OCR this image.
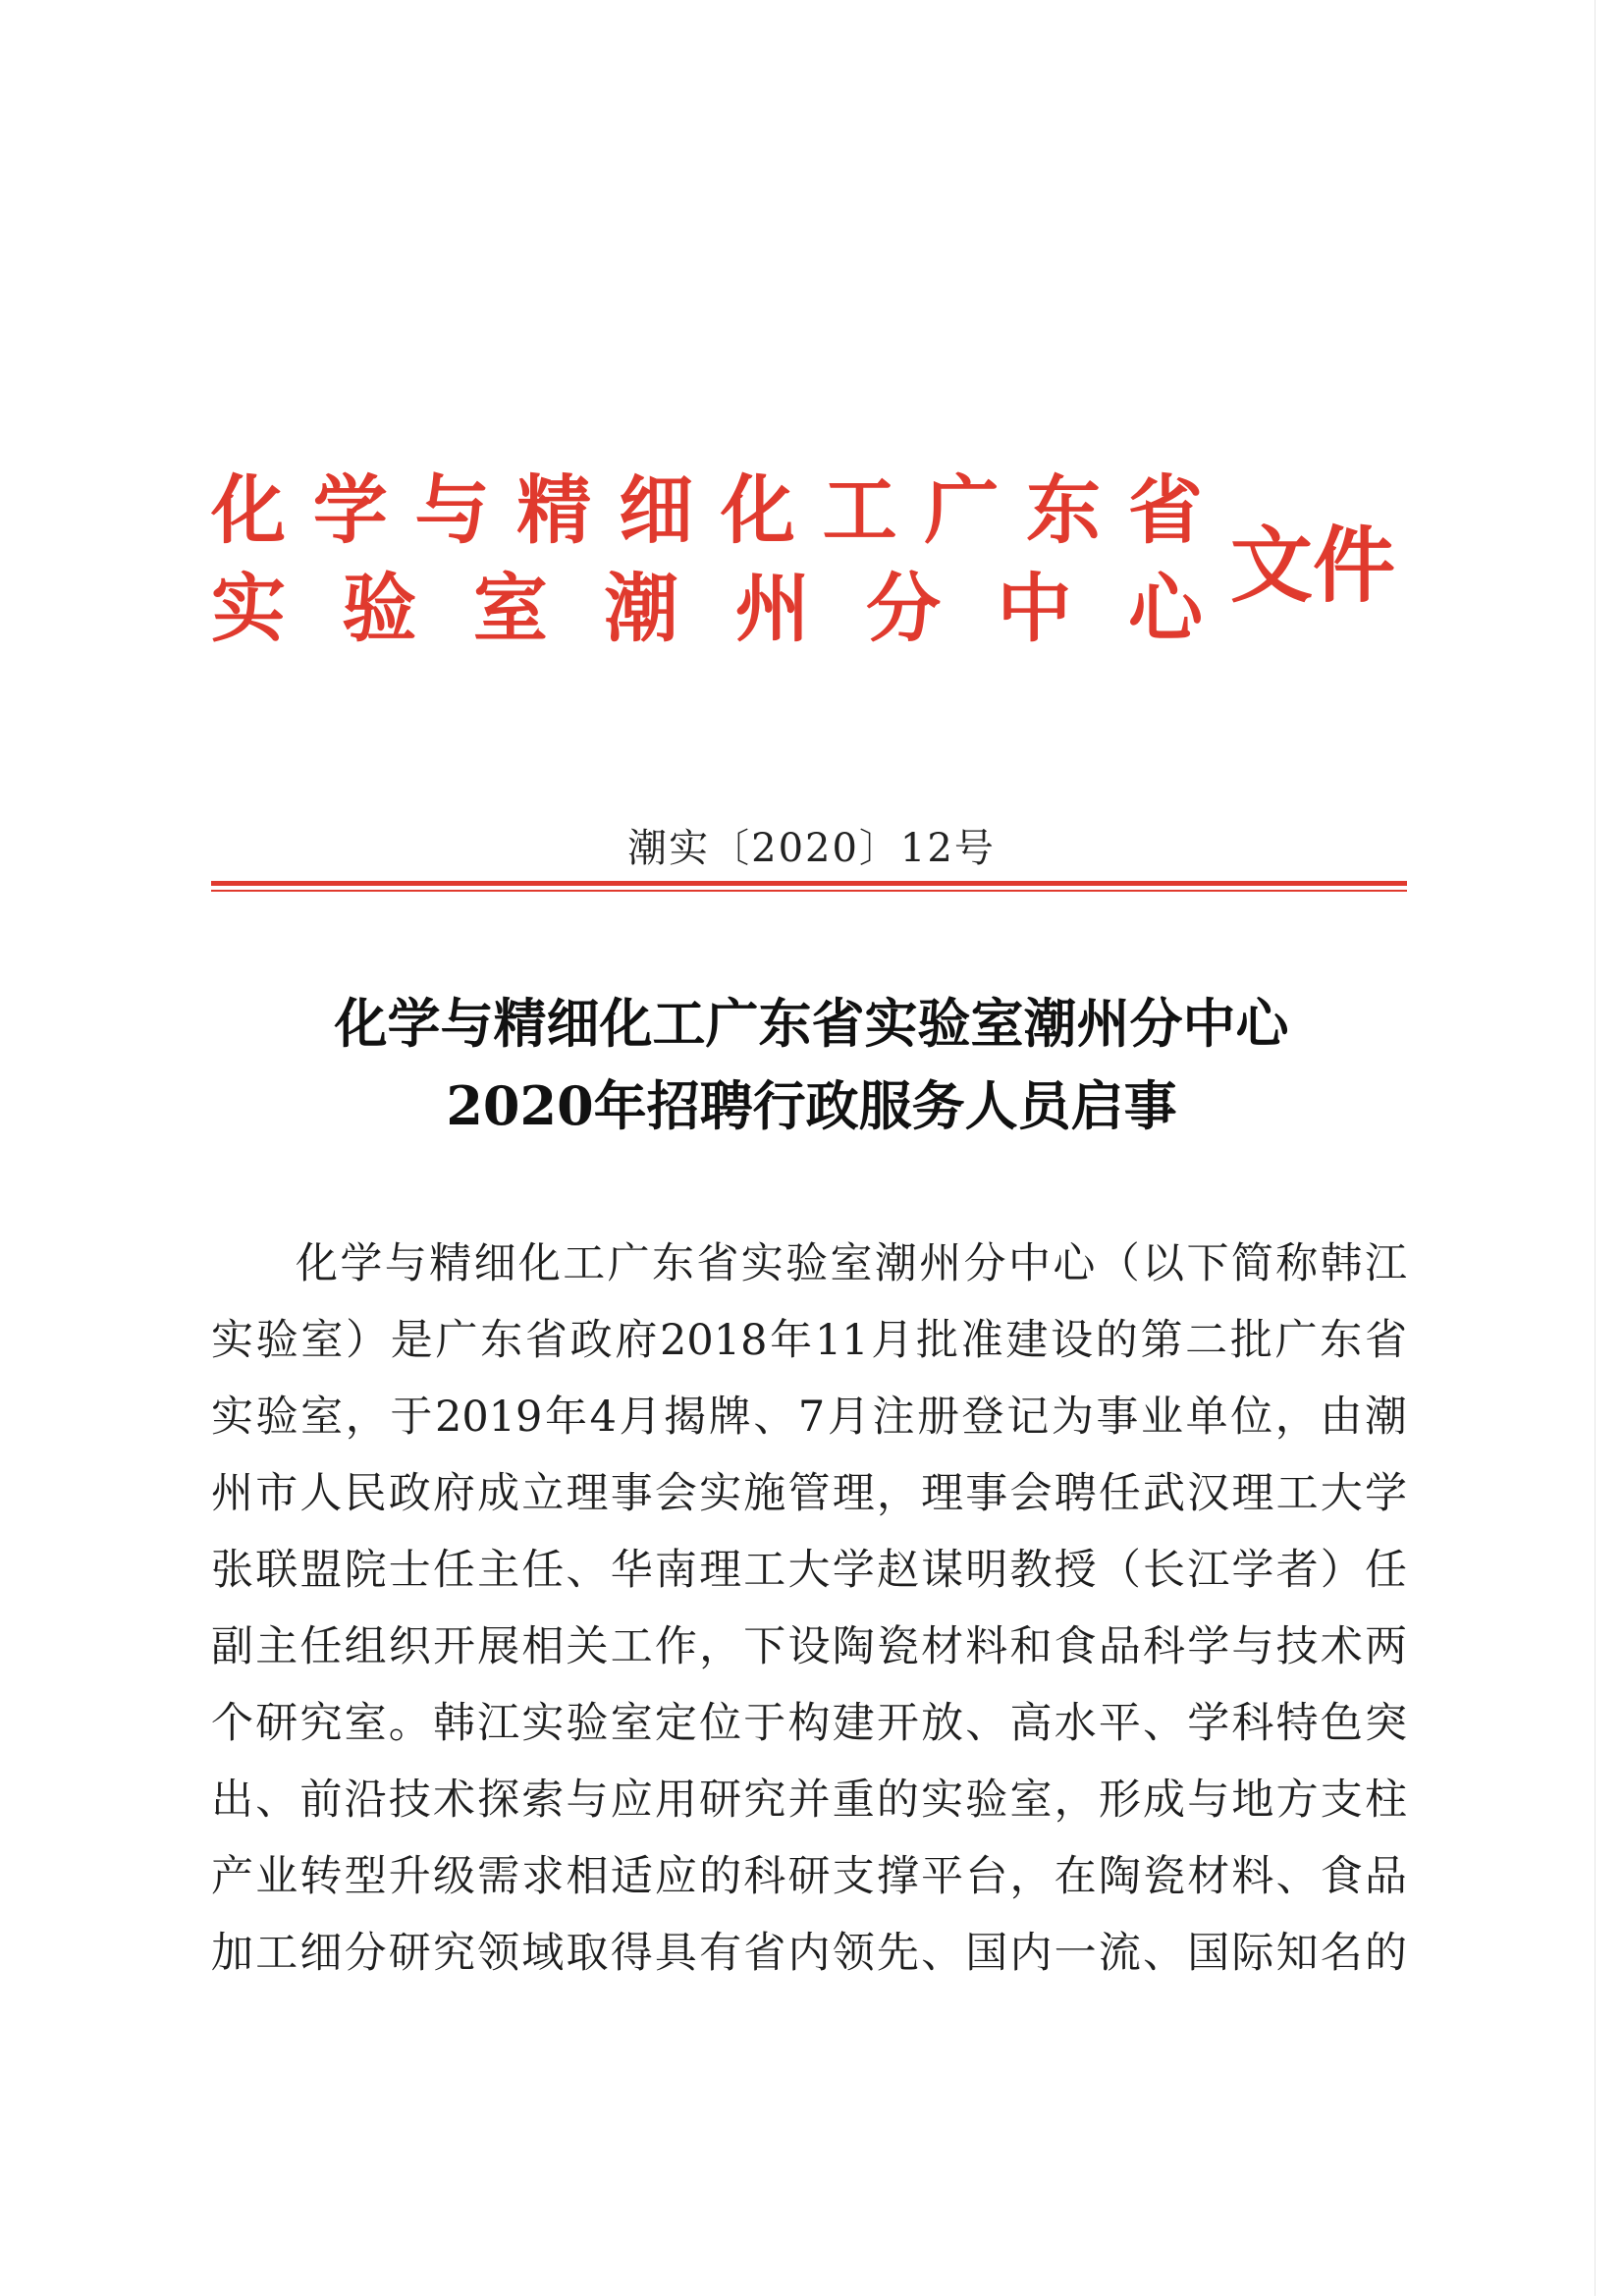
化 学 与 精 细 化 工 广 东 省
实 验 室 潮 州 分 中 心 文件
潮实〔2020〕12号
化学与精细化工广东省实验室潮州分中心
2020年招聘行政服务人员启事
化学与精细化工广东省实验室潮州分中心（以下简称韩江
实验室）是广东省政府2018年11月批准建设的第二批广东省
实验室，于2019年4月揭牌、7月注册登记为事业单位，由潮
州市人民政府成立理事会实施管理，理事会聘任武汉理工大学
张联盟院士任主任、华南理工大学赵谋明教授（长江学者）任
副主任组织开展相关工作，下设陶瓷材料和食品科学与技术两
个研究室。韩江实验室定位于构建开放、高水平、学科特色突
出、前沿技术探索与应用研究并重的实验室，形成与地方支柱
产业转型升级需求相适应的科研支撑平台，在陶瓷材料、食品
加工细分研究领域取得具有省内领先、国内一流、国际知名的
